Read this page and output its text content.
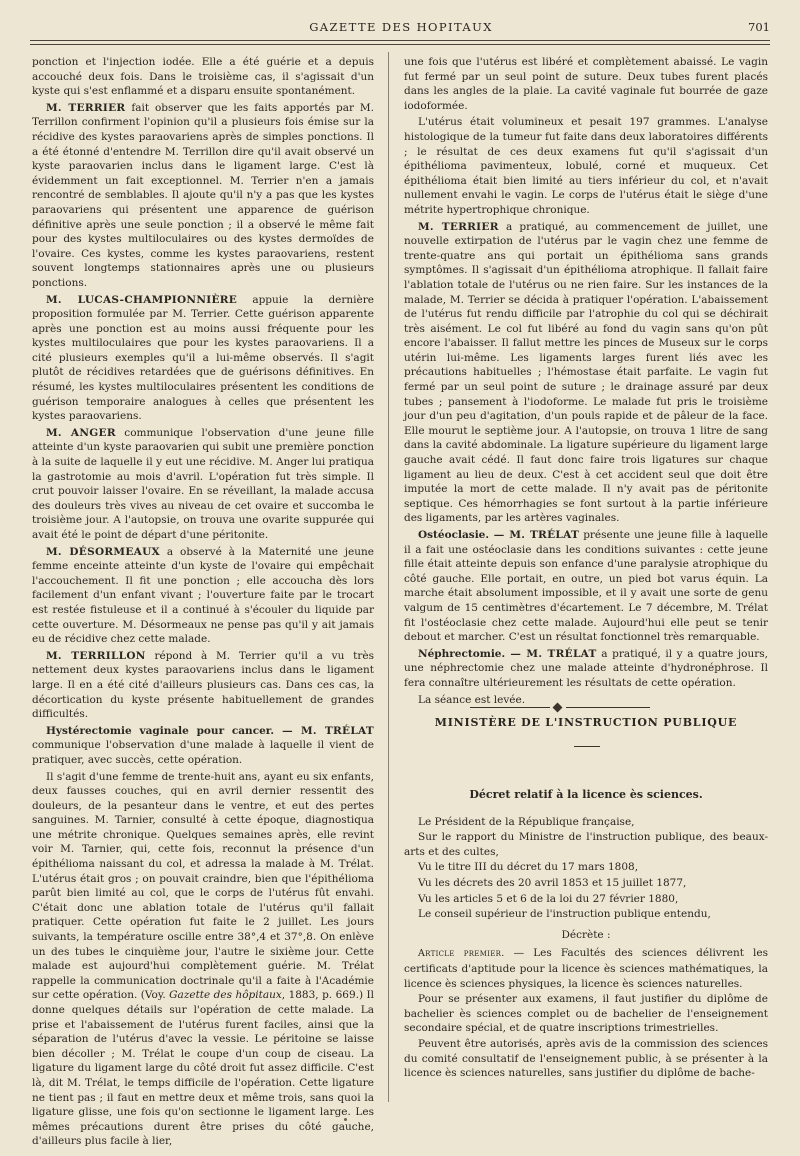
GAZETTE DES HOPITAUX	701

ponction et l'injection iodée. Elle a été guérie et a depuis accouché deux fois. Dans le troisième cas, il s'agissait d'un kyste qui s'est enflammé et a disparu ensuite spontanément.

M. TERRIER fait observer que les faits apportés par M. Terrillon confirment l'opinion qu'il a plusieurs fois émise sur la récidive des kystes paraovariens après de simples ponctions. Il a été étonné d'entendre M. Terrillon dire qu'il avait observé un kyste paraovarien inclus dans le ligament large. C'est là évidemment un fait exceptionnel. M. Terrier n'en a jamais rencontré de semblables. Il ajoute qu'il n'y a pas que les kystes paraovariens qui présentent une apparence de guérison définitive après une seule ponction ; il a observé le même fait pour des kystes multiloculaires ou des kystes dermoïdes de l'ovaire. Ces kystes, comme les kystes paraovariens, restent souvent longtemps stationnaires après une ou plusieurs ponctions.

M. LUCAS-CHAMPIONNIÈRE appuie la dernière proposition formulée par M. Terrier. Cette guérison apparente après une ponction est au moins aussi fréquente pour les kystes multiloculaires que pour les kystes paraovariens. Il a cité plusieurs exemples qu'il a lui-même observés. Il s'agit plutôt de récidives retardées que de guérisons définitives. En résumé, les kystes multiloculaires présentent les conditions de guérison temporaire analogues à celles que présentent les kystes paraovariens.

M. ANGER communique l'observation d'une jeune fille atteinte d'un kyste paraovarien qui subit une première ponction à la suite de laquelle il y eut une récidive. M. Anger lui pratiqua la gastrotomie au mois d'avril. L'opération fut très simple. Il crut pouvoir laisser l'ovaire. En se réveillant, la malade accusa des douleurs très vives au niveau de cet ovaire et succomba le troisième jour. A l'autopsie, on trouva une ovarite suppurée qui avait été le point de départ d'une péritonite.

M. DÉSORMEAUX a observé à la Maternité une jeune femme enceinte atteinte d'un kyste de l'ovaire qui empêchait l'accouchement. Il fit une ponction ; elle accoucha dès lors facilement d'un enfant vivant ; l'ouverture faite par le trocart est restée fistuleuse et il a continué à s'écouler du liquide par cette ouverture. M. Désormeaux ne pense pas qu'il y ait jamais eu de récidive chez cette malade.

M. TERRILLON répond à M. Terrier qu'il a vu très nettement deux kystes paraovariens inclus dans le ligament large. Il en a été cité d'ailleurs plusieurs cas. Dans ces cas, la décortication du kyste présente habituellement de grandes difficultés.

Hystérectomie vaginale pour cancer. — M. TRÉLAT communique l'observation d'une malade à laquelle il vient de pratiquer, avec succès, cette opération.

Il s'agit d'une femme de trente-huit ans, ayant eu six enfants, deux fausses couches, qui en avril dernier ressentit des douleurs, de la pesanteur dans le ventre, et eut des pertes sanguines. M. Tarnier, consulté à cette époque, diagnostiqua une métrite chronique. Quelques semaines après, elle revint voir M. Tarnier, qui, cette fois, reconnut la présence d'un épithélioma naissant du col, et adressa la malade à M. Trélat. L'utérus était gros ; on pouvait craindre, bien que l'épithélioma parût bien limité au col, que le corps de l'utérus fût envahi. C'était donc une ablation totale de l'utérus qu'il fallait pratiquer. Cette opération fut faite le 2 juillet. Les jours suivants, la température oscille entre 38°,4 et 37°,8. On enlève un des tubes le cinquième jour, l'autre le sixième jour. Cette malade est aujourd'hui complètement guérie. M. Trélat rappelle la communication doctrinale qu'il a faite à l'Académie sur cette opération. (Voy. Gazette des hôpitaux, 1883, p. 669.) Il donne quelques détails sur l'opération de cette malade. La prise et l'abaissement de l'utérus furent faciles, ainsi que la séparation de l'utérus d'avec la vessie. Le péritoine se laisse bien décoller ; M. Trélat le coupe d'un coup de ciseau. La ligature du ligament large du côté droit fut assez difficile. C'est là, dit M. Trélat, le temps difficile de l'opération. Cette ligature ne tient pas ; il faut en mettre deux et même trois, sans quoi la ligature glisse, une fois qu'on sectionne le ligament large. Les mêmes précautions durent être prises du côté gauche, d'ailleurs plus facile à lier,

une fois que l'utérus est libéré et complètement abaissé. Le vagin fut fermé par un seul point de suture. Deux tubes furent placés dans les angles de la plaie. La cavité vaginale fut bourrée de gaze iodoformée.

L'utérus était volumineux et pesait 197 grammes. L'analyse histologique de la tumeur fut faite dans deux laboratoires différents ; le résultat de ces deux examens fut qu'il s'agissait d'un épithélioma pavimenteux, lobulé, corné et muqueux. Cet épithélioma était bien limité au tiers inférieur du col, et n'avait nullement envahi le vagin. Le corps de l'utérus était le siège d'une métrite hypertrophique chronique.

M. TERRIER a pratiqué, au commencement de juillet, une nouvelle extirpation de l'utérus par le vagin chez une femme de trente-quatre ans qui portait un épithélioma sans grands symptômes. Il s'agissait d'un épithélioma atrophique. Il fallait faire l'ablation totale de l'utérus ou ne rien faire. Sur les instances de la malade, M. Terrier se décida à pratiquer l'opération. L'abaissement de l'utérus fut rendu difficile par l'atrophie du col qui se déchirait très aisément. Le col fut libéré au fond du vagin sans qu'on pût encore l'abaisser. Il fallut mettre les pinces de Museux sur le corps utérin lui-même. Les ligaments larges furent liés avec les précautions habituelles ; l'hémostase était parfaite. Le vagin fut fermé par un seul point de suture ; le drainage assuré par deux tubes ; pansement à l'iodoforme. Le malade fut pris le troisième jour d'un peu d'agitation, d'un pouls rapide et de pâleur de la face. Elle mourut le septième jour. A l'autopsie, on trouva 1 litre de sang dans la cavité abdominale. La ligature supérieure du ligament large gauche avait cédé. Il faut donc faire trois ligatures sur chaque ligament au lieu de deux. C'est à cet accident seul que doit être imputée la mort de cette malade. Il n'y avait pas de péritonite septique. Ces hémorrhagies se font surtout à la partie inférieure des ligaments, par les artères vaginales.

Ostéoclasie. — M. TRÉLAT présente une jeune fille à laquelle il a fait une ostéoclasie dans les conditions suivantes : cette jeune fille était atteinte depuis son enfance d'une paralysie atrophique du côté gauche. Elle portait, en outre, un pied bot varus équin. La marche était absolument impossible, et il y avait une sorte de genu valgum de 15 centimètres d'écartement. Le 7 décembre, M. Trélat fit l'ostéoclasie chez cette malade. Aujourd'hui elle peut se tenir debout et marcher. C'est un résultat fonctionnel très remarquable.

Néphrectomie. — M. TRÉLAT a pratiqué, il y a quatre jours, une néphrectomie chez une malade atteinte d'hydronéphrose. Il fera connaître ultérieurement les résultats de cette opération.

La séance est levée.

MINISTÈRE DE L'INSTRUCTION PUBLIQUE
Décret relatif à la licence ès sciences.

Le Président de la République française,

Sur le rapport du Ministre de l'instruction publique, des beaux-arts et des cultes,

Vu le titre III du décret du 17 mars 1808,

Vu les décrets des 20 avril 1853 et 15 juillet 1877,

Vu les articles 5 et 6 de la loi du 27 février 1880,

Le conseil supérieur de l'instruction publique entendu,

Décrète :

Article premier. — Les Facultés des sciences délivrent les certificats d'aptitude pour la licence ès sciences mathématiques, la licence ès sciences physiques, la licence ès sciences naturelles.

Pour se présenter aux examens, il faut justifier du diplôme de bachelier ès sciences complet ou de bachelier de l'enseignement secondaire spécial, et de quatre inscriptions trimestrielles.

Peuvent être autorisés, après avis de la commission des sciences du comité consultatif de l'enseignement public, à se présenter à la licence ès sciences naturelles, sans justifier du diplôme de bache-
